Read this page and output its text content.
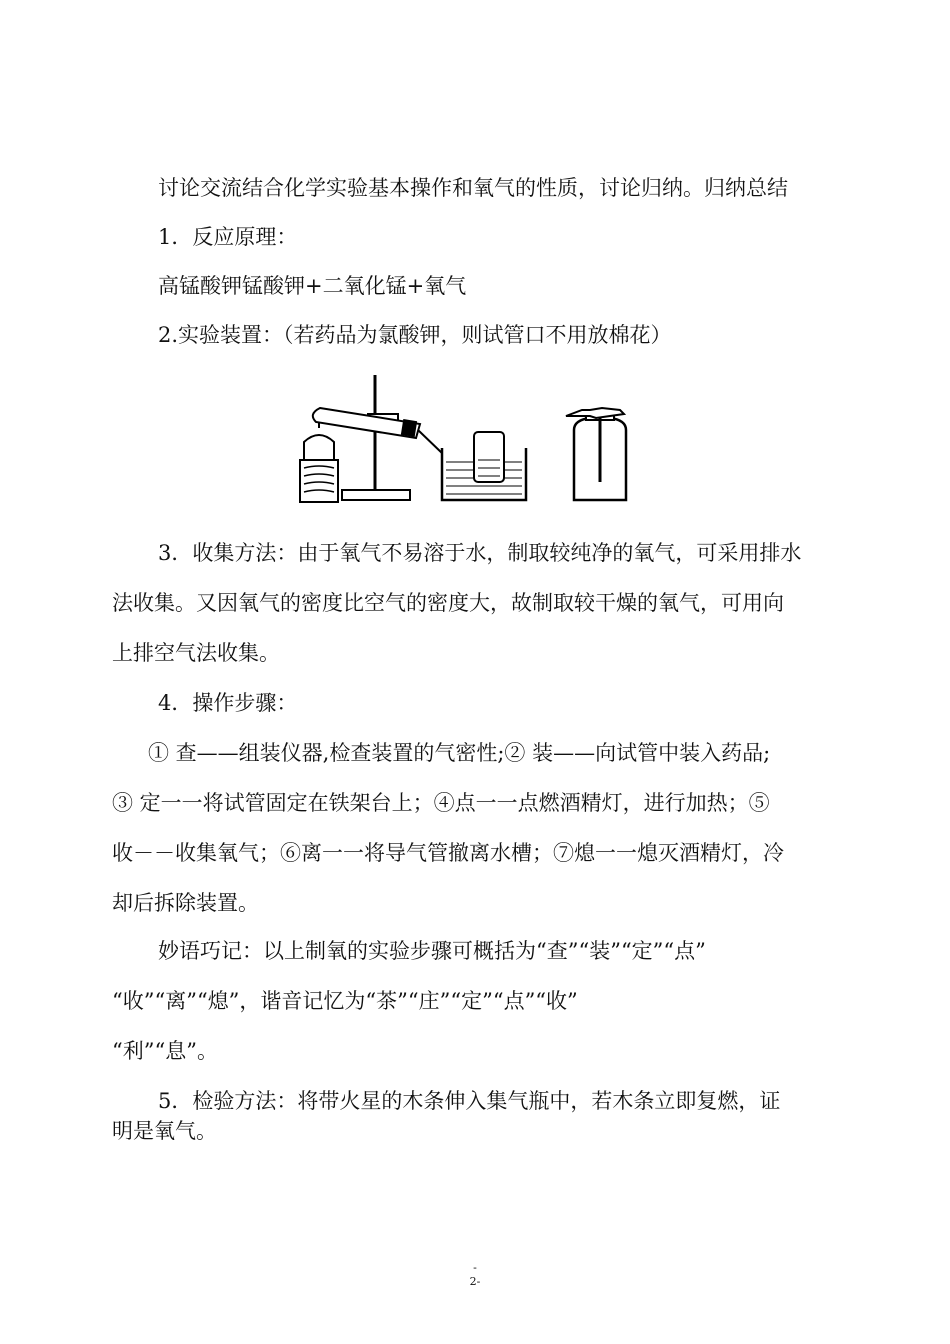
讨论交流结合化学实验基本操作和氧气的性质，讨论归纳。归纳总结
1．反应原理：
高锰酸钾锰酸钾+二氧化锰+氧气
2.实验装置：（若药品为氯酸钾，则试管口不用放棉花）
3．收集方法：由于氧气不易溶于水，制取较纯净的氧气，可采用排水
法收集。又因氧气的密度比空气的密度大，故制取较干燥的氧气，可用向
上排空气法收集。
4．操作步骤：
① 查——组装仪器,检查装置的气密性;② 装——向试管中装入药品;
③ 定一一将试管固定在铁架台上；④点一一点燃酒精灯，进行加热；⑤
收－－收集氧气；⑥离一一将导气管撤离水槽；⑦熄一一熄灭酒精灯，冷
却后拆除装置。
妙语巧记：以上制氧的实验步骤可概括为“查”“装”“定”“点”
“收”“离”“熄”，谐音记忆为“茶”“庄”“定”“点”“收”
“利”“息”。
5．检验方法：将带火星的木条伸入集气瓶中，若木条立即复燃，证
明是氧气。
-
2-
